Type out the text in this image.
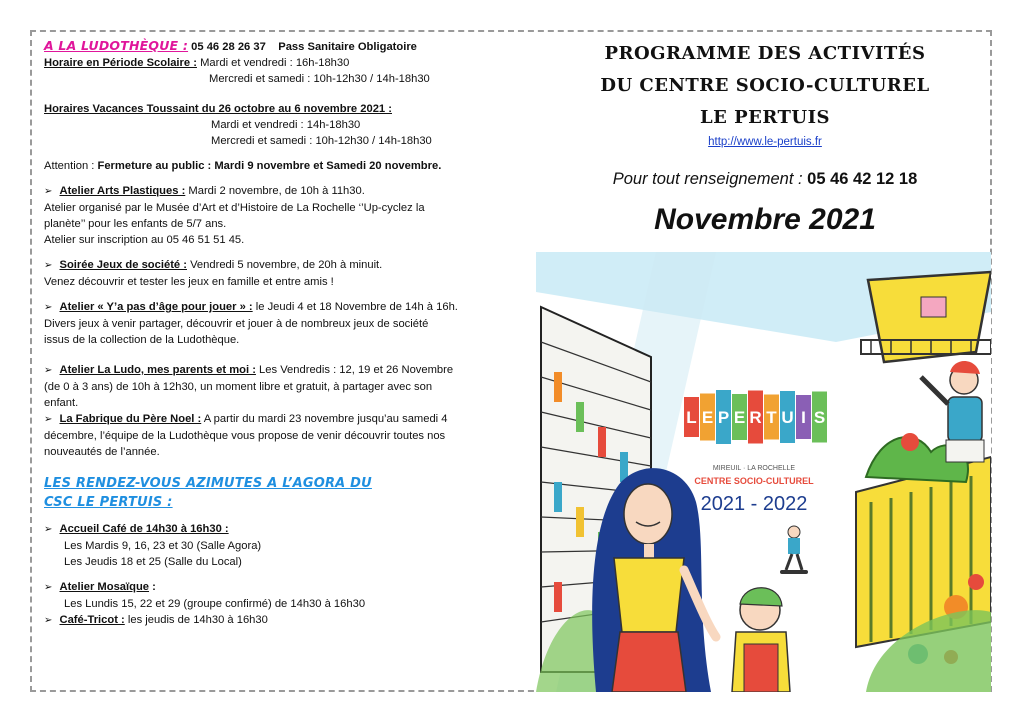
A LA LUDOTHÈQUE : 05 46 28 26 37 Pass Sanitaire Obligatoire

Horaire en Période Scolaire : Mardi et vendredi : 16h-18h30

Mercredi et samedi : 10h-12h30 / 14h-18h30

Horaires Vacances Toussaint du 26 octobre au 6 novembre 2021 :

Mardi et vendredi : 14h-18h30

Mercredi et samedi : 10h-12h30 / 14h-18h30

Attention : Fermeture au public : Mardi 9 novembre et Samedi 20 novembre.

➢ Atelier Arts Plastiques : Mardi 2 novembre, de 10h à 11h30.

Atelier organisé par le Musée d’Art et d’Histoire de La Rochelle ‘’Up-cyclez la

planète’’ pour les enfants de 5/7 ans.

Atelier sur inscription au 05 46 51 51 45.

➢ Soirée Jeux de société : Vendredi 5 novembre, de 20h à minuit.

Venez découvrir et tester les jeux en famille et entre amis !

➢ Atelier « Y’a pas d’âge pour jouer » : le Jeudi 4 et 18 Novembre de 14h à 16h.

Divers jeux à venir partager, découvrir et jouer à de nombreux jeux de société

issus de la collection de la Ludothèque.

➢ Atelier La Ludo, mes parents et moi : Les Vendredis : 12, 19 et 26 Novembre

(de 0 à 3 ans) de 10h à 12h30, un moment libre et gratuit, à partager avec son

enfant.

➢ La Fabrique du Père Noel : A partir du mardi 23 novembre jusqu’au samedi 4

décembre, l’équipe de la Ludothèque vous propose de venir découvrir toutes nos

nouveautés de l’année.

LES RENDEZ-VOUS AZIMUTES A L’AGORA DU

CSC LE PERTUIS :

➢ Accueil Café de 14h30 à 16h30 :

Les Mardis 9, 16, 23 et 30 (Salle Agora)

Les Jeudis 18 et 25 (Salle du Local)

➢ Atelier Mosaïque :

Les Lundis 15, 22 et 29 (groupe confirmé) de 14h30 à 16h30

➢ Café-Tricot : les jeudis de 14h30 à 16h30

PROGRAMME DES ACTIVITÉS
DU CENTRE SOCIO-CULTUREL
LE PERTUIS
http://www.le-pertuis.fr
Pour tout renseignement : 05 46 42 12 18
Novembre 2021
L E P E R T U I S
MIREUIL · LA ROCHELLE
CENTRE SOCIO-CULTUREL
2021 - 2022
